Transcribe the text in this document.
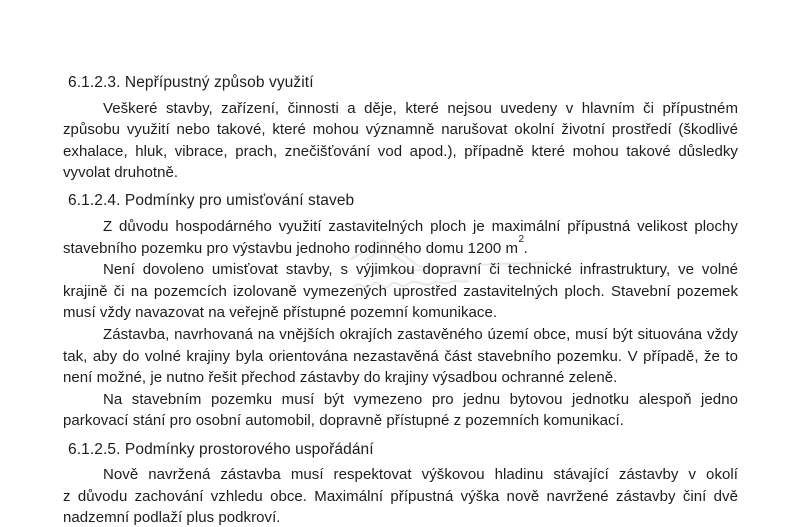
6.1.2.3. Nepřípustný způsob využití
Veškeré stavby, zařízení, činnosti a děje, které nejsou uvedeny v hlavním či přípustném
způsobu využití nebo takové, které mohou významně narušovat okolní životní prostředí (škodlivé
exhalace, hluk, vibrace, prach, znečišťování vod apod.), případně které mohou takové důsledky
vyvolat druhotně.
6.1.2.4. Podmínky pro umisťování staveb
Z důvodu hospodárného využití zastavitelných ploch je maximální přípustná velikost plochy
stavebního pozemku pro výstavbu jednoho rodinného domu 1200 $m^2$.
Není dovoleno umisťovat stavby, s výjimkou dopravní či technické infrastruktury, ve volné
krajině či na pozemcích izolovaně vymezených uprostřed zastavitelných ploch. Stavební pozemek
musí vždy navazovat na veřejně přístupné pozemní komunikace.
Zástavba, navrhovaná na vnějších okrajích zastavěného území obce, musí být situována vždy
tak, aby do volné krajiny byla orientována nezastavěná část stavebního pozemku. V případě, že to
není možné, je nutno řešit přechod zástavby do krajiny výsadbou ochranné zeleně.
Na stavebním pozemku musí být vymezeno pro jednu bytovou jednotku alespoň jedno
parkovací stání pro osobní automobil, dopravně přístupné z pozemních komunikací.
6.1.2.5. Podmínky prostorového uspořádání
Nově navržená zástavba musí respektovat výškovou hladinu stávající zástavby v okolí
z důvodu zachování vzhledu obce. Maximální přípustná výška nově navržené zástavby činí dvě
nadzemní podlaží plus podkroví.
